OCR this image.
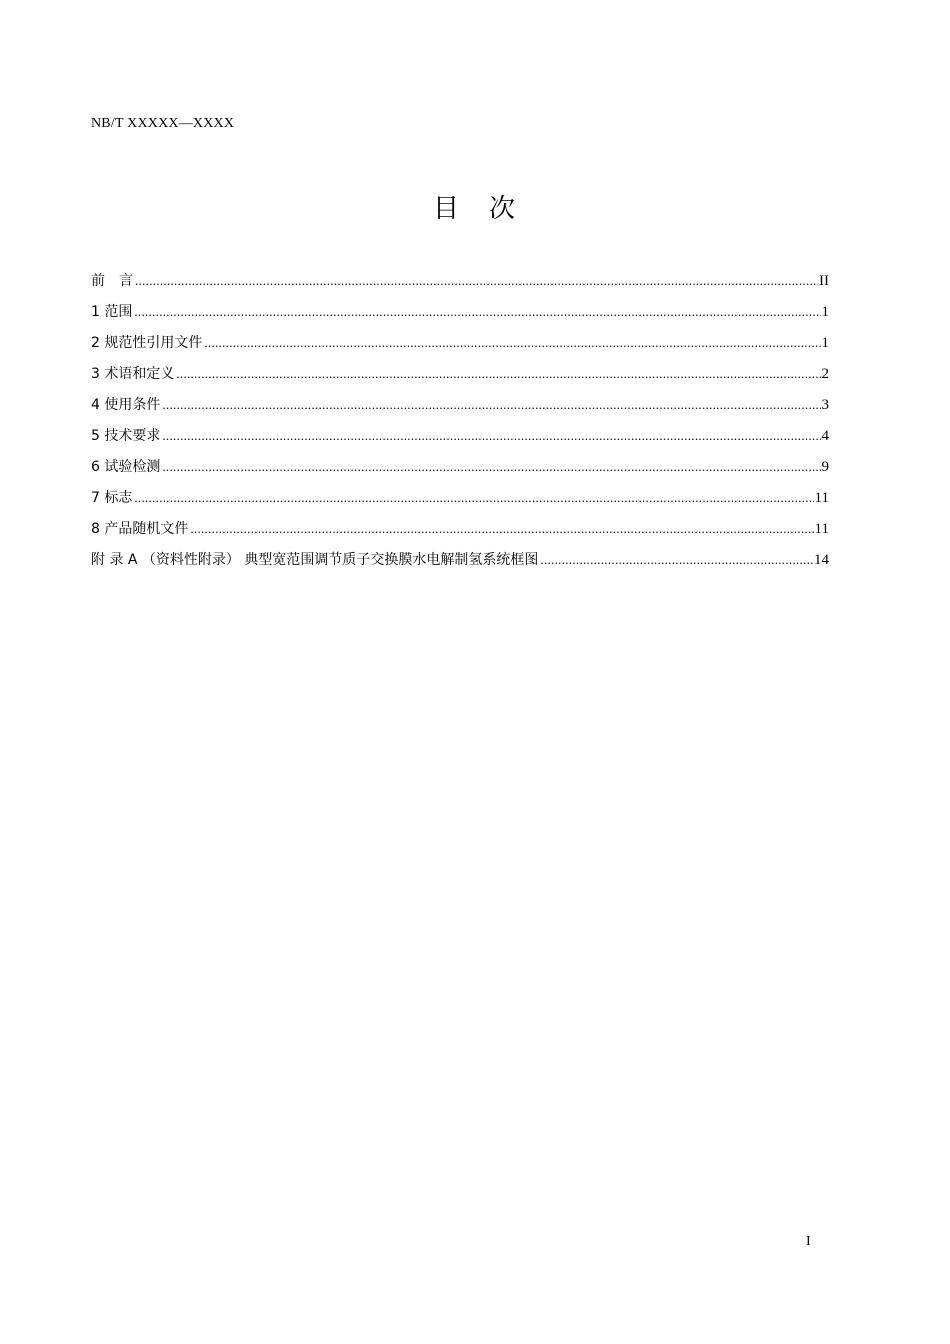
NB/T XXXXX—XXXX
目　次
前　言 .....	II
1 范围 .....	1
2 规范性引用文件 .....	1
3 术语和定义 .....	2
4 使用条件 .....	3
5 技术要求 .....	4
6 试验检测 .....	9
7 标志 .....	11
8 产品随机文件 .....	11
附 录 A （资料性附录） 典型宽范围调节质子交换膜水电解制氢系统框图 .....	14
I
